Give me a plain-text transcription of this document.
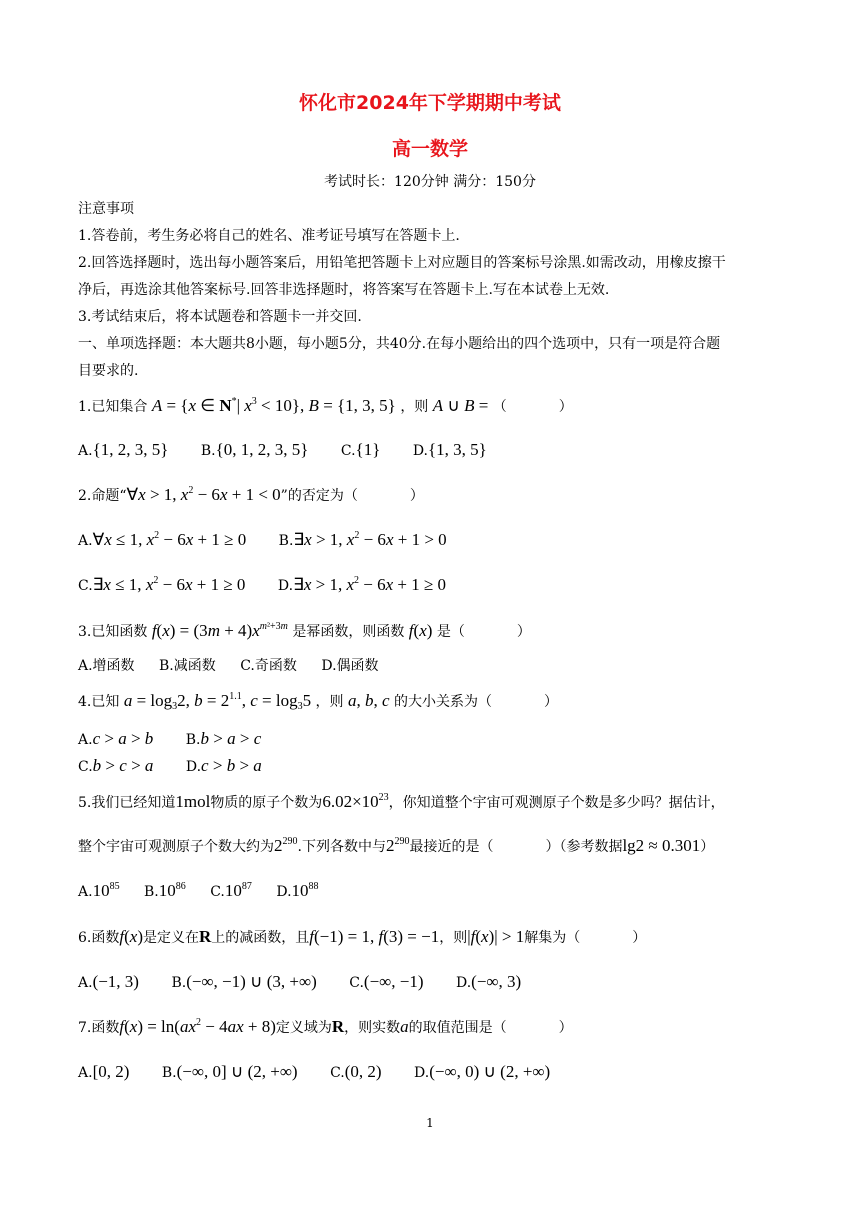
怀化市2024年下学期期中考试
高一数学
考试时长：120分钟 满分：150分
注意事项
1.答卷前，考生务必将自己的姓名、准考证号填写在答题卡上.
2.回答选择题时，选出每小题答案后，用铅笔把答题卡上对应题目的答案标号涂黑.如需改动，用橡皮擦干
净后，再选涂其他答案标号.回答非选择题时，将答案写在答题卡上.写在本试卷上无效.
3.考试结束后，将本试题卷和答题卡一并交回.
一、单项选择题：本大题共8小题，每小题5分，共40分.在每小题给出的四个选项中，只有一项是符合题
目要求的.
1.已知集合 A = {x ∈ N*| $x^3 < 10$}, B = {1, 3, 5} ，则 A ∪ B = （	）
A.{1, 2, 3, 5} B.{0, 1, 2, 3, 5} C.{1} D.{1, 3, 5}
2.命题“∀x > 1, $x^2 - 6x + 1 < 0$”的否定为（	）
A.∀x ≤ 1, $x^2 - 6x + 1 \ge 0$ B.∃x > 1, $x^2 - 6x + 1 > 0$
C.∃x ≤ 1, $x^2 - 6x + 1 \ge 0$ D.∃x > 1, $x^2 - 6x + 1 \ge 0$
3.已知函数 $f(x) = (3m + 4)x^{m^2+3m}$ 是幂函数，则函数 f(x) 是（	）
A.增函数 B.减函数 C.奇函数 D.偶函数
4.已知 $a = \log_32$, $b = 2^{1.1}$, $c = \log_35$ ，则 a, b, c 的大小关系为（	）
A.c > a > b B.b > a > c
C.b > c > a D.c > b > a
5.我们已经知道1mol物质的原子个数为$6.02\times 10^{23}$，你知道整个宇宙可观测原子个数是多少吗？据估计，
整个宇宙可观测原子个数大约为$2^{290}$.下列各数中与$2^{290}$最接近的是（	）（参考数据lg2 ≈ 0.301）
$A.10^{85}$ $B.10^{86}$ $C.10^{87}$ $D.10^{88}$
6.函数f(x)是定义在R上的减函数，且f(−1) = 1, f(3) = −1，则|f(x)| > 1解集为（	）
A.(−1, 3) B.(−∞, −1) ∪ (3, +∞) C.(−∞, −1) D.(−∞, 3)
7.函数$f(x) = \ln(ax^2 - 4ax + 8)$定义域为R，则实数a的取值范围是（	）
A.[0, 2) B.(−∞, 0] ∪ (2, +∞) C.(0, 2) D.(−∞, 0) ∪ (2, +∞)
1
